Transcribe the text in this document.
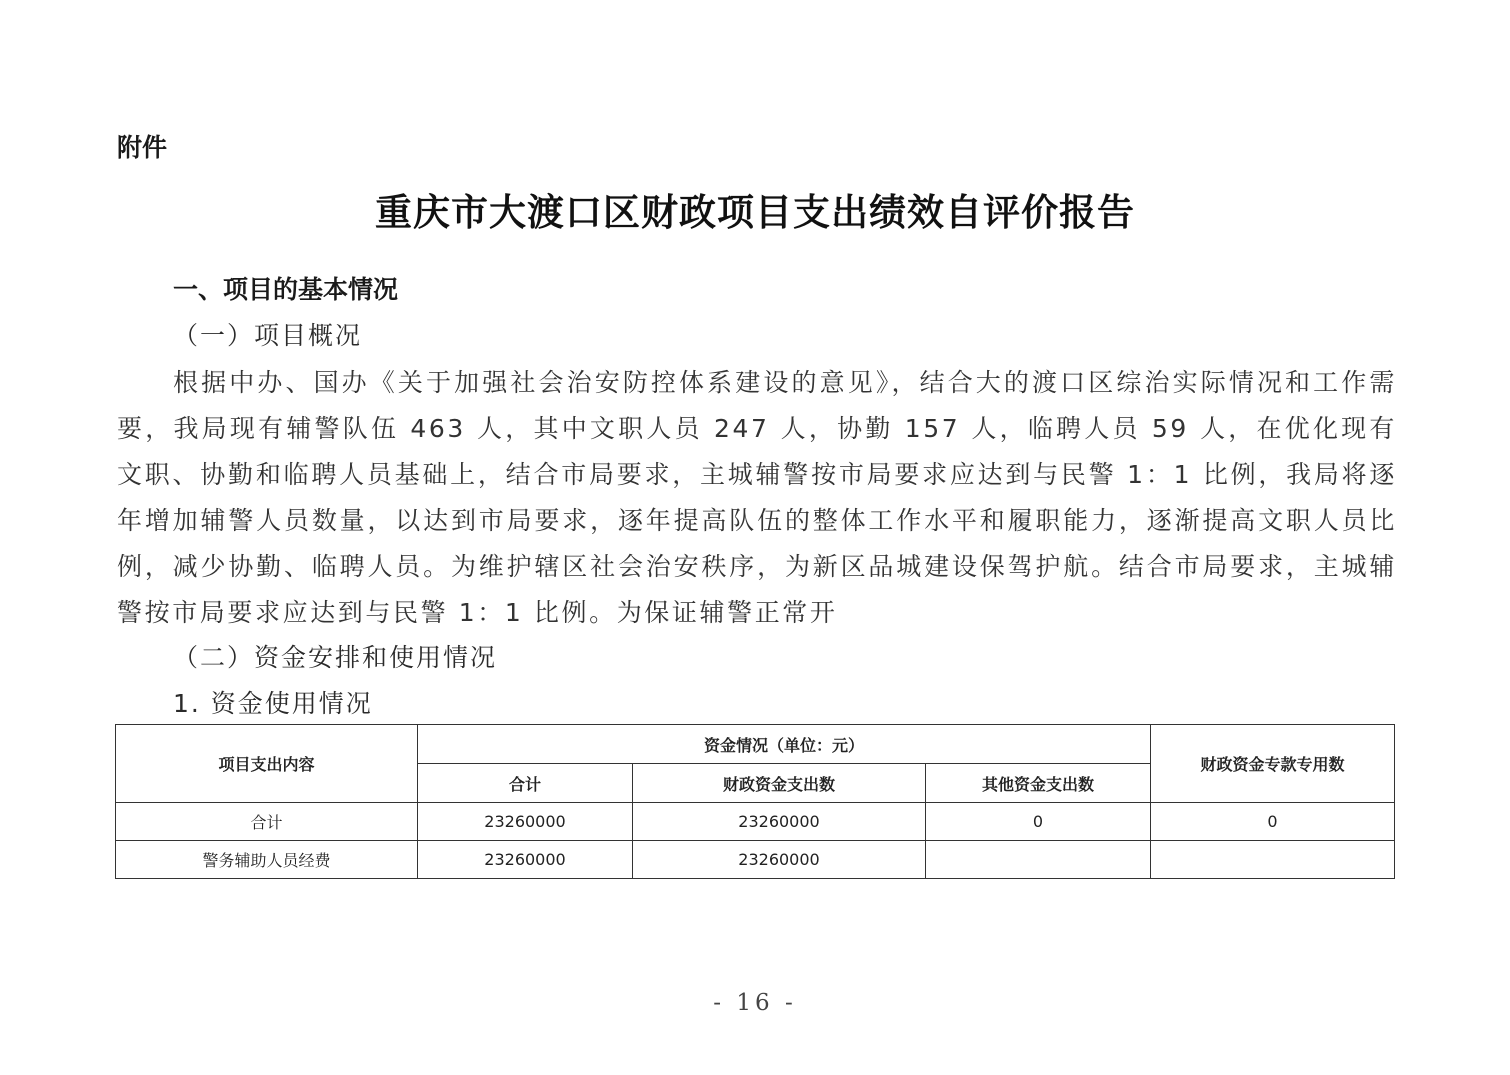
附件
重庆市大渡口区财政项目支出绩效自评价报告
一、项目的基本情况
（一）项目概况
根据中办、国办《关于加强社会治安防控体系建设的意见》，结合大的渡口区综治实际情况和工作需要，我局现有辅警队伍 463 人，其中文职人员 247 人，协勤 157 人，临聘人员 59 人，在优化现有文职、协勤和临聘人员基础上，结合市局要求，主城辅警按市局要求应达到与民警 1：1 比例，我局将逐年增加辅警人员数量，以达到市局要求，逐年提高队伍的整体工作水平和履职能力，逐渐提高文职人员比例，减少协勤、临聘人员。为维护辖区社会治安秩序，为新区品城建设保驾护航。结合市局要求，主城辅警按市局要求应达到与民警 1：1 比例。为保证辅警正常开
（二）资金安排和使用情况
1. 资金使用情况
项目支出内容	资金情况（单位：元）			财政资金专款专用数
	合计	财政资金支出数	其他资金支出数	
合计	23260000	23260000	0	0
警务辅助人员经费	23260000	23260000		
- 16 -
